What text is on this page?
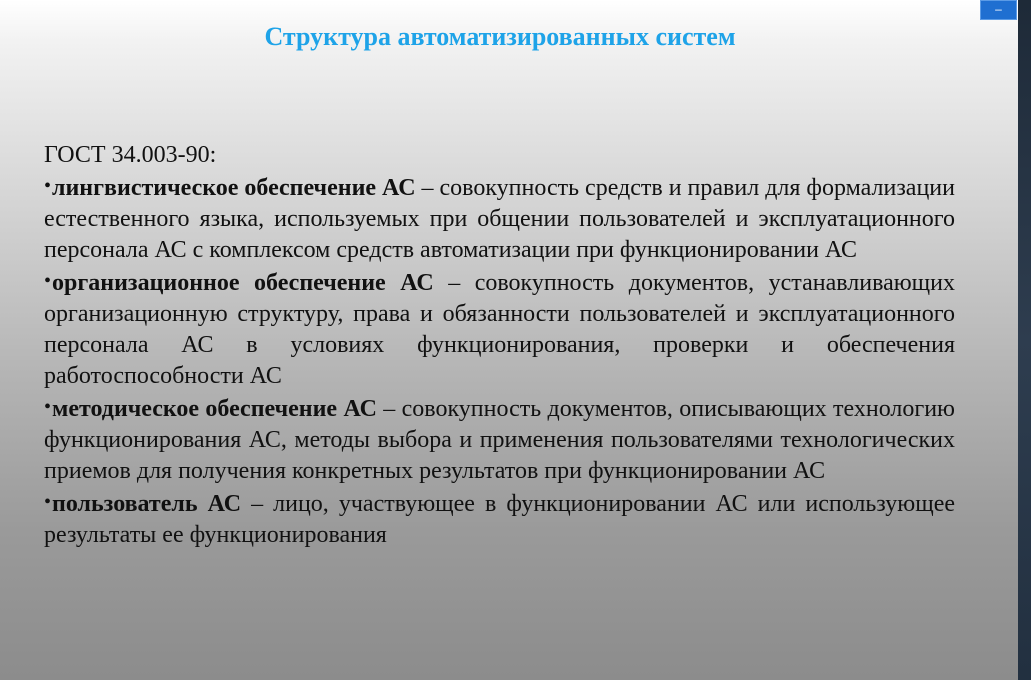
Структура автоматизированных систем

ГОСТ 34.003-90:

•лингвистическое обеспечение АС – совокупность средств и правил для формализации естественного языка, используемых при общении пользователей и эксплуатационного персонала АС с комплексом средств автоматизации при функционировании АС

•организационное обеспечение АС – совокупность документов, устанавливающих организационную структуру, права и обязанности пользователей и эксплуатационного персонала АС в условиях функционирования, проверки и обеспечения работоспособности АС

•методическое обеспечение АС – совокупность документов, описывающих технологию функционирования АС, методы выбора и применения пользователями технологических приемов для получения конкретных результатов при функционировании АС

•пользователь АС – лицо, участвующее в функционировании АС или использующее результаты ее функционирования

–
